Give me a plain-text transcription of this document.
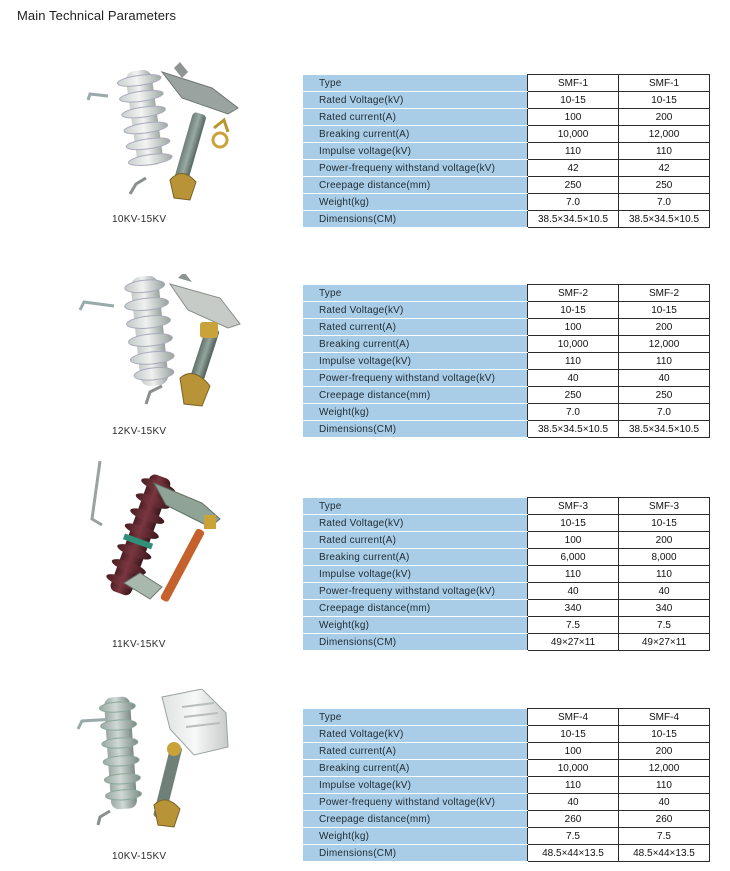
Main Technical Parameters
10KV-15KV
Type	SMF-1	SMF-1
Rated Voltage(kV)	10-15	10-15
Rated current(A)	100	200
Breaking current(A)	10,000	12,000
Impulse voltage(kV)	110	110
Power-frequeny withstand voltage(kV)	42	42
Creepage distance(mm)	250	250
Weight(kg)	7.0	7.0
Dimensions(CM)	38.5×34.5×10.5	38.5×34.5×10.5
12KV-15KV
Type	SMF-2	SMF-2
Rated Voltage(kV)	10-15	10-15
Rated current(A)	100	200
Breaking current(A)	10,000	12,000
Impulse voltage(kV)	110	110
Power-frequeny withstand voltage(kV)	40	40
Creepage distance(mm)	250	250
Weight(kg)	7.0	7.0
Dimensions(CM)	38.5×34.5×10.5	38.5×34.5×10.5
11KV-15KV
Type	SMF-3	SMF-3
Rated Voltage(kV)	10-15	10-15
Rated current(A)	100	200
Breaking current(A)	6,000	8,000
Impulse voltage(kV)	110	110
Power-frequeny withstand voltage(kV)	40	40
Creepage distance(mm)	340	340
Weight(kg)	7.5	7.5
Dimensions(CM)	49×27×11	49×27×11
10KV-15KV
Type	SMF-4	SMF-4
Rated Voltage(kV)	10-15	10-15
Rated current(A)	100	200
Breaking current(A)	10,000	12,000
Impulse voltage(kV)	110	110
Power-frequeny withstand voltage(kV)	40	40
Creepage distance(mm)	260	260
Weight(kg)	7.5	7.5
Dimensions(CM)	48.5×44×13.5	48.5×44×13.5
